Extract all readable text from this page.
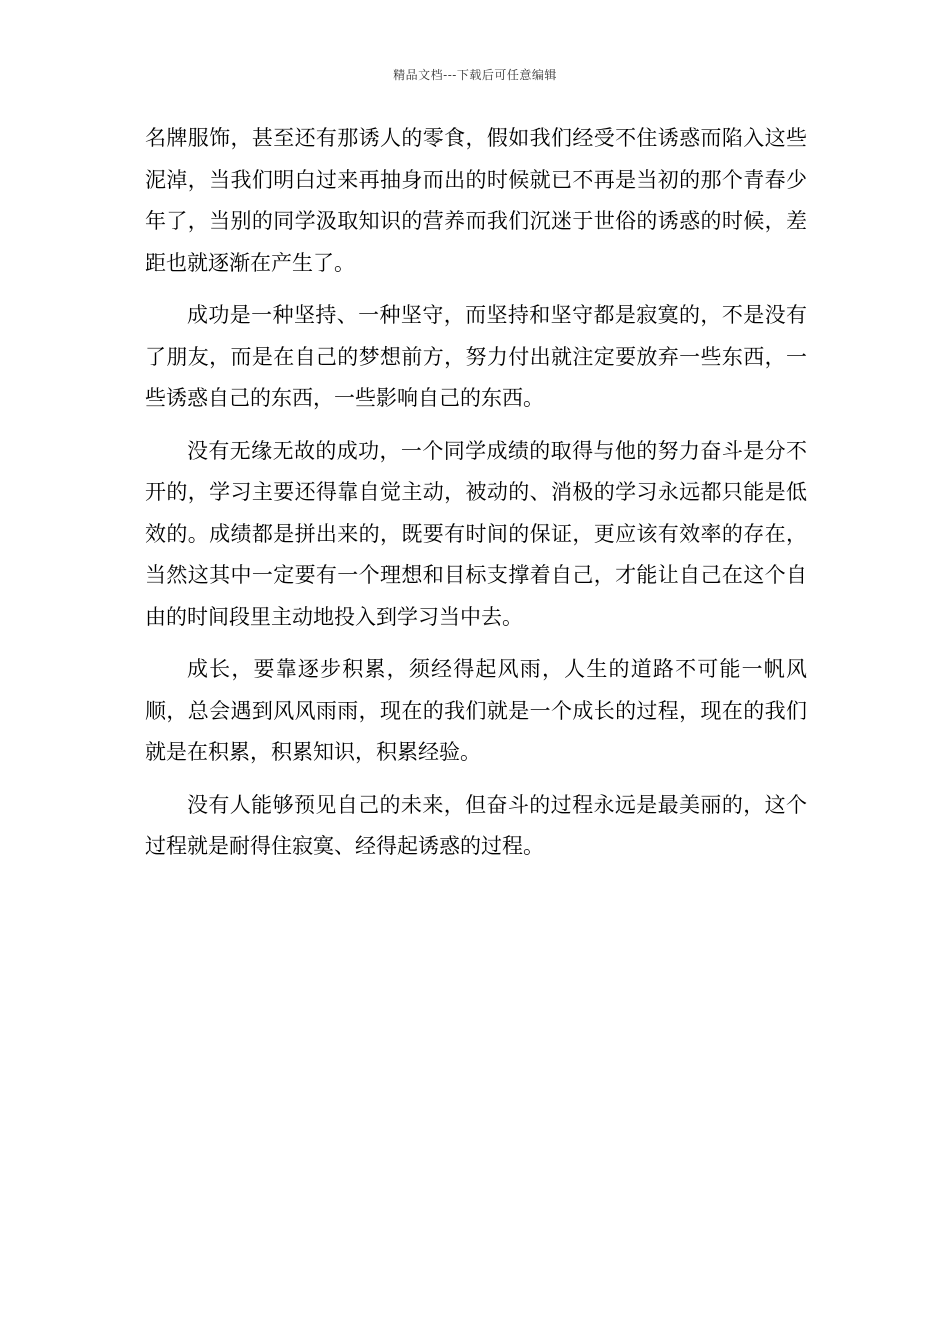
精品文档---下载后可任意编辑

名牌服饰，甚至还有那诱人的零食，假如我们经受不住诱惑而陷入这些泥淖，当我们明白过来再抽身而出的时候就已不再是当初的那个青春少年了，当别的同学汲取知识的营养而我们沉迷于世俗的诱惑的时候，差距也就逐渐在产生了。

成功是一种坚持、一种坚守，而坚持和坚守都是寂寞的，不是没有了朋友，而是在自己的梦想前方，努力付出就注定要放弃一些东西，一些诱惑自己的东西，一些影响自己的东西。

没有无缘无故的成功，一个同学成绩的取得与他的努力奋斗是分不开的，学习主要还得靠自觉主动，被动的、消极的学习永远都只能是低效的。成绩都是拼出来的，既要有时间的保证，更应该有效率的存在，当然这其中一定要有一个理想和目标支撑着自己，才能让自己在这个自由的时间段里主动地投入到学习当中去。

成长，要靠逐步积累，须经得起风雨，人生的道路不可能一帆风顺，总会遇到风风雨雨，现在的我们就是一个成长的过程，现在的我们就是在积累，积累知识，积累经验。

没有人能够预见自己的未来，但奋斗的过程永远是最美丽的，这个过程就是耐得住寂寞、经得起诱惑的过程。
